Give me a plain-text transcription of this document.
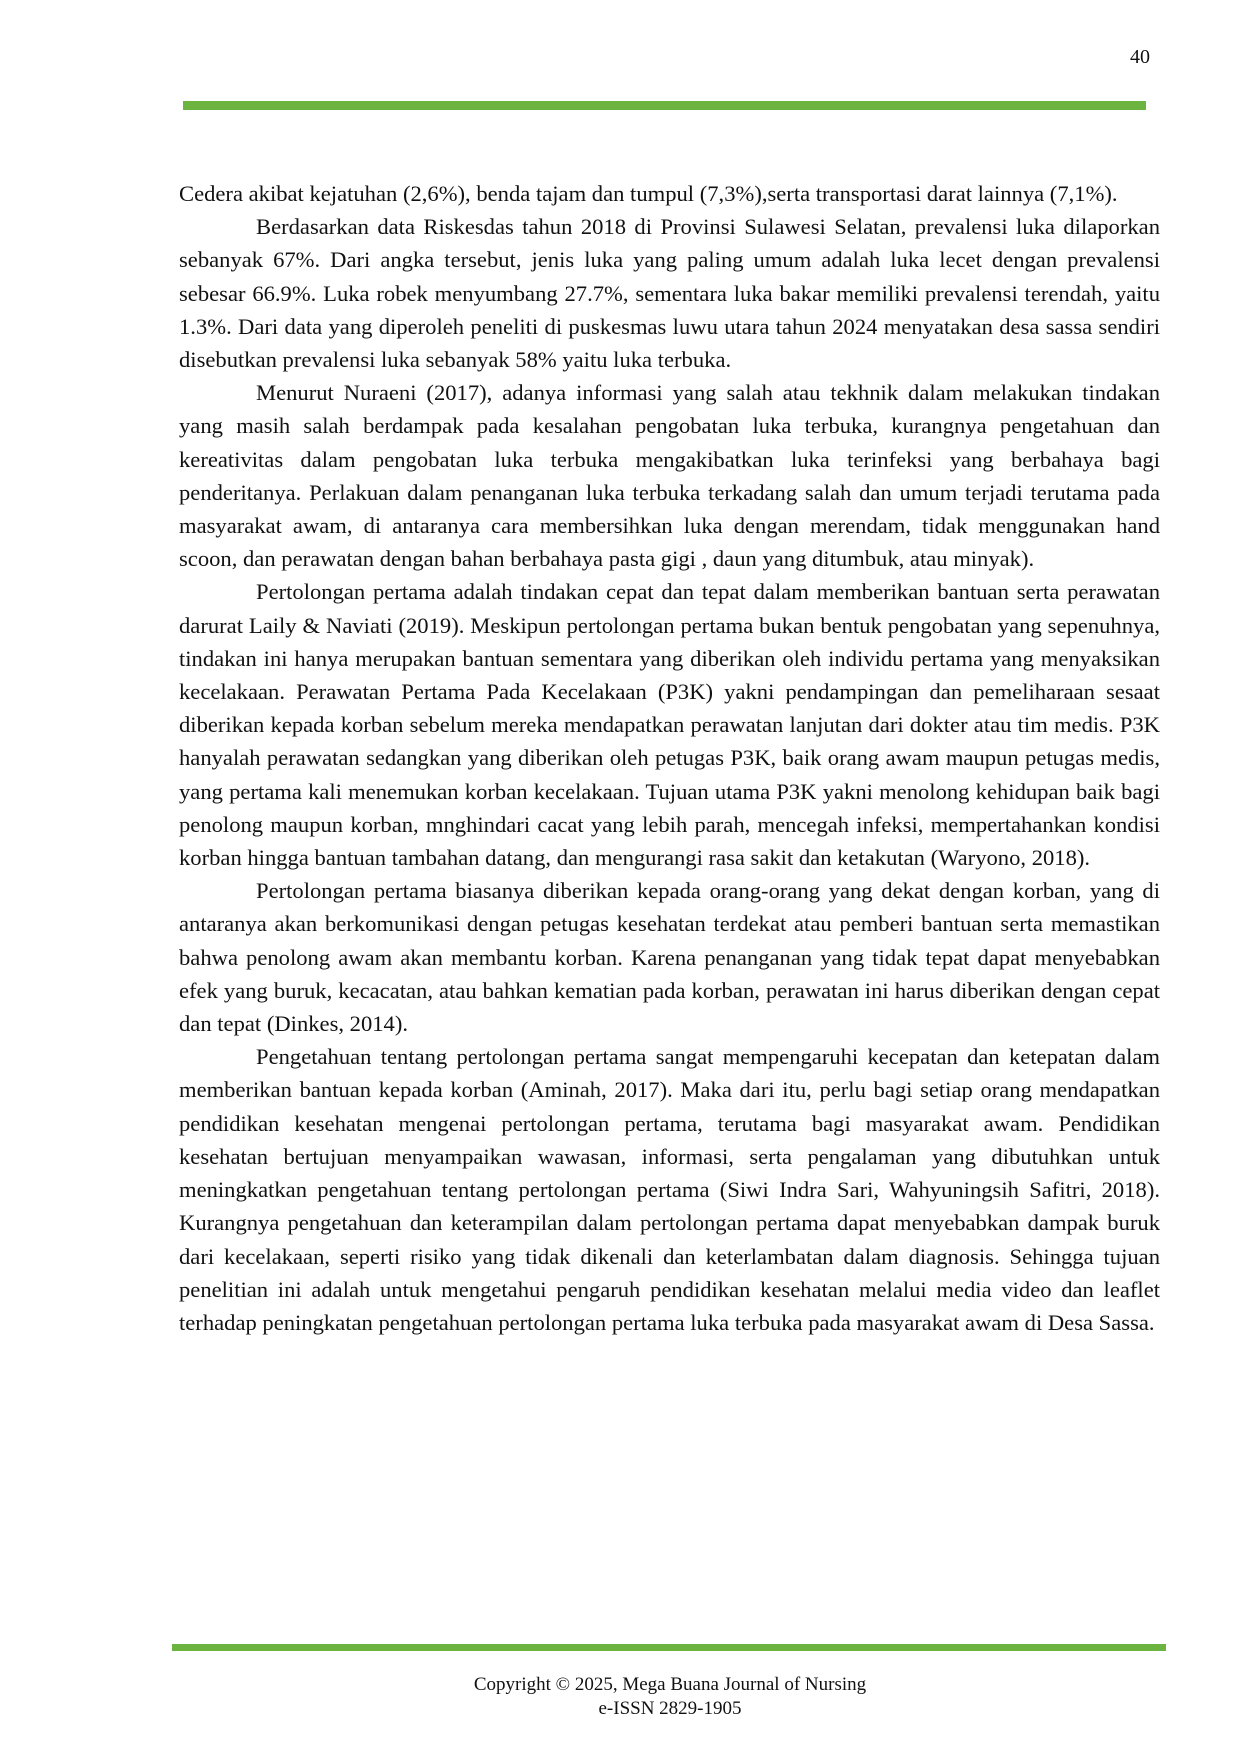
40

Cedera akibat kejatuhan (2,6%), benda tajam dan tumpul (7,3%),serta transportasi darat lainnya (7,1%).

Berdasarkan data Riskesdas tahun 2018 di Provinsi Sulawesi Selatan, prevalensi luka dilaporkan sebanyak 67%. Dari angka tersebut, jenis luka yang paling umum adalah luka lecet dengan prevalensi sebesar 66.9%. Luka robek menyumbang 27.7%, sementara luka bakar memiliki prevalensi terendah, yaitu 1.3%. Dari data yang diperoleh peneliti di puskesmas luwu utara tahun 2024 menyatakan desa sassa sendiri disebutkan prevalensi luka sebanyak 58% yaitu luka terbuka.

Menurut Nuraeni (2017), adanya informasi yang salah atau tekhnik dalam melakukan tindakan yang masih salah berdampak pada kesalahan pengobatan luka terbuka, kurangnya pengetahuan dan kereativitas dalam pengobatan luka terbuka mengakibatkan luka terinfeksi yang berbahaya bagi penderitanya. Perlakuan dalam penanganan luka terbuka terkadang salah dan umum terjadi terutama pada masyarakat awam, di antaranya cara membersihkan luka dengan merendam, tidak menggunakan hand scoon, dan perawatan dengan bahan berbahaya pasta gigi , daun yang ditumbuk, atau minyak).

Pertolongan pertama adalah tindakan cepat dan tepat dalam memberikan bantuan serta perawatan darurat Laily & Naviati (2019). Meskipun pertolongan pertama bukan bentuk pengobatan yang sepenuhnya, tindakan ini hanya merupakan bantuan sementara yang diberikan oleh individu pertama yang menyaksikan kecelakaan. Perawatan Pertama Pada Kecelakaan (P3K) yakni pendampingan dan pemeliharaan sesaat diberikan kepada korban sebelum mereka mendapatkan perawatan lanjutan dari dokter atau tim medis. P3K hanyalah perawatan sedangkan yang diberikan oleh petugas P3K, baik orang awam maupun petugas medis, yang pertama kali menemukan korban kecelakaan. Tujuan utama P3K yakni menolong kehidupan baik bagi penolong maupun korban, mnghindari cacat yang lebih parah, mencegah infeksi, mempertahankan kondisi korban hingga bantuan tambahan datang, dan mengurangi rasa sakit dan ketakutan (Waryono, 2018).

Pertolongan pertama biasanya diberikan kepada orang-orang yang dekat dengan korban, yang di antaranya akan berkomunikasi dengan petugas kesehatan terdekat atau pemberi bantuan serta memastikan bahwa penolong awam akan membantu korban. Karena penanganan yang tidak tepat dapat menyebabkan efek yang buruk, kecacatan, atau bahkan kematian pada korban, perawatan ini harus diberikan dengan cepat dan tepat (Dinkes, 2014).

Pengetahuan tentang pertolongan pertama sangat mempengaruhi kecepatan dan ketepatan dalam memberikan bantuan kepada korban (Aminah, 2017). Maka dari itu, perlu bagi setiap orang mendapatkan pendidikan kesehatan mengenai pertolongan pertama, terutama bagi masyarakat awam. Pendidikan kesehatan bertujuan menyampaikan wawasan, informasi, serta pengalaman yang dibutuhkan untuk meningkatkan pengetahuan tentang pertolongan pertama (Siwi Indra Sari, Wahyuningsih Safitri, 2018). Kurangnya pengetahuan dan keterampilan dalam pertolongan pertama dapat menyebabkan dampak buruk dari kecelakaan, seperti risiko yang tidak dikenali dan keterlambatan dalam diagnosis. Sehingga tujuan penelitian ini adalah untuk mengetahui pengaruh pendidikan kesehatan melalui media video dan leaflet terhadap peningkatan pengetahuan pertolongan pertama luka terbuka pada masyarakat awam di Desa Sassa.

Copyright © 2025, Mega Buana Journal of Nursing
e-ISSN 2829-1905
